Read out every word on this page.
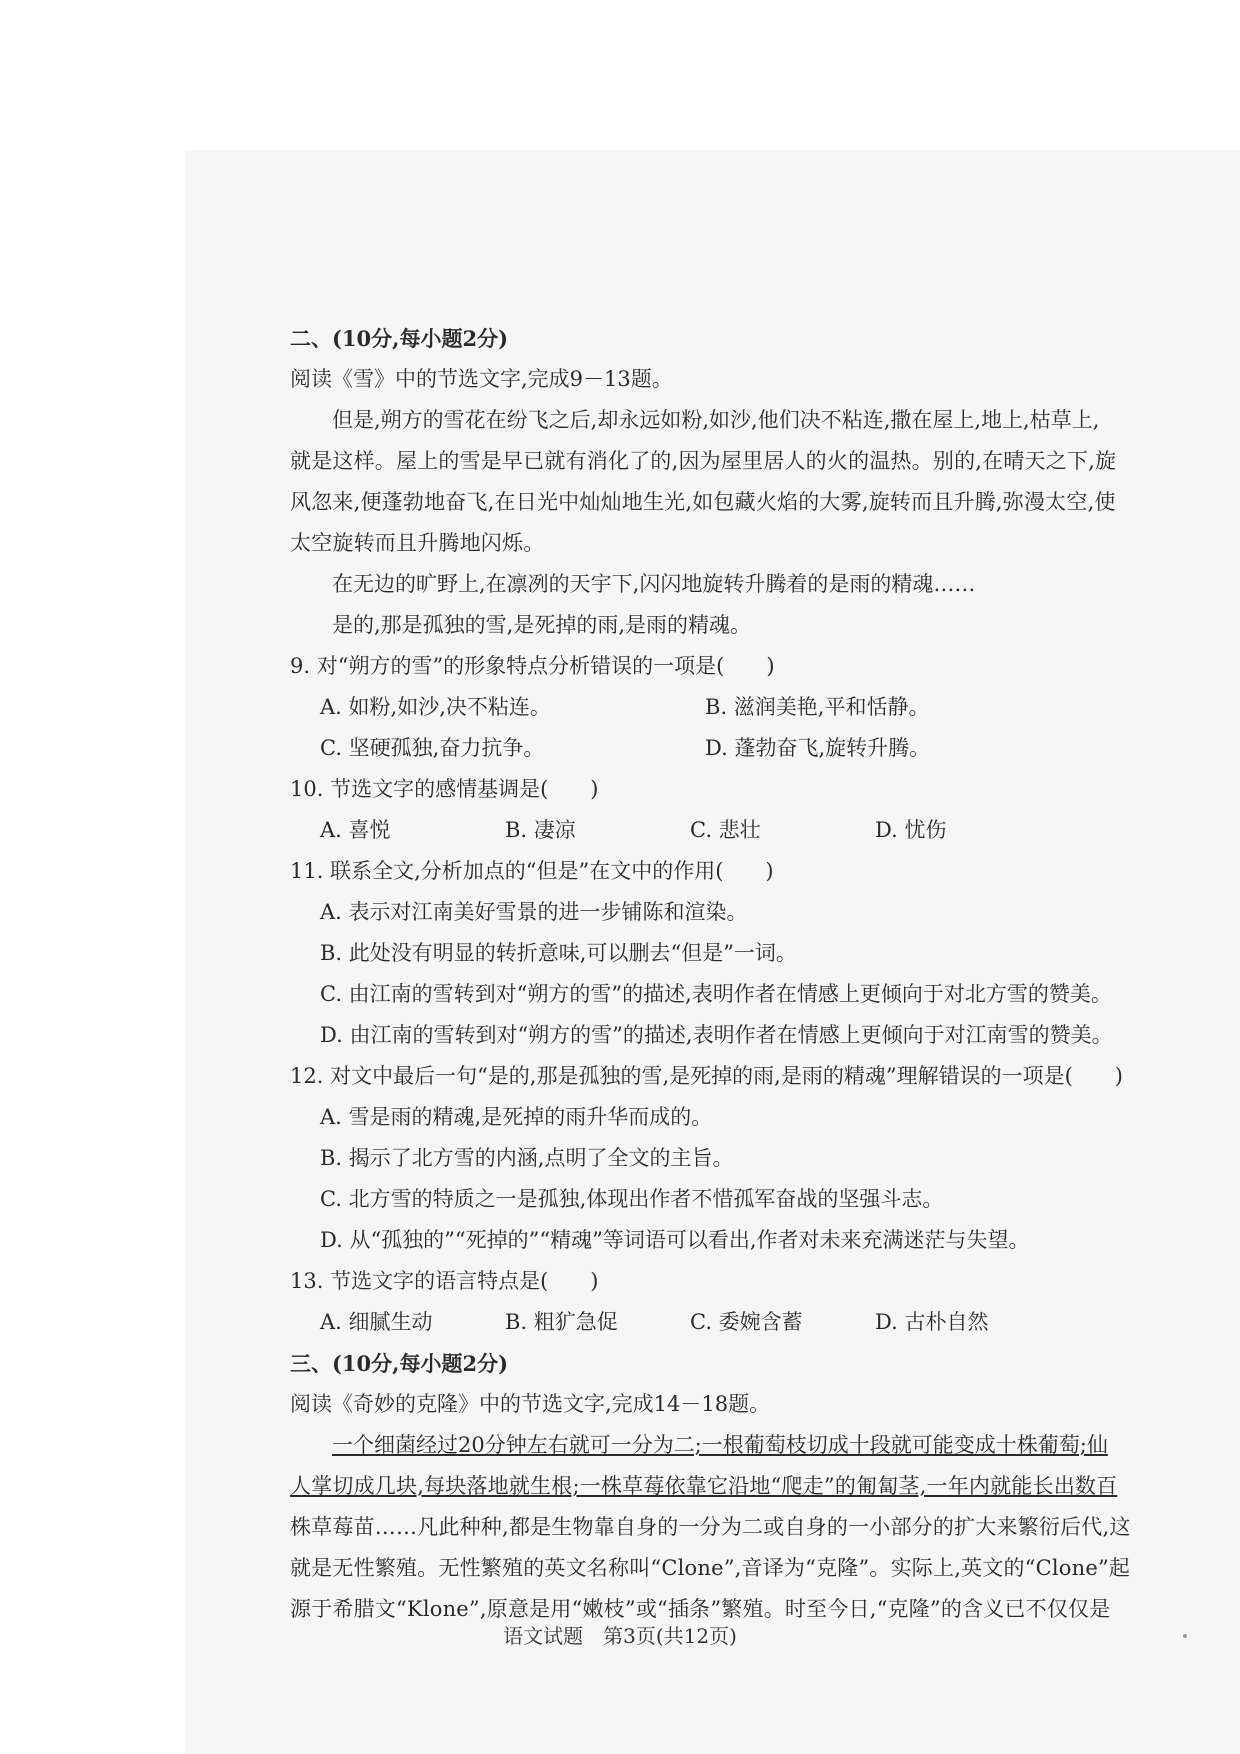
二、(10分,每小题2分)
阅读《雪》中的节选文字,完成9－13题。
但是,朔方的雪花在纷飞之后,却永远如粉,如沙,他们决不粘连,撒在屋上,地上,枯草上,
就是这样。屋上的雪是早已就有消化了的,因为屋里居人的火的温热。别的,在晴天之下,旋
风忽来,便蓬勃地奋飞,在日光中灿灿地生光,如包藏火焰的大雾,旋转而且升腾,弥漫太空,使
太空旋转而且升腾地闪烁。
在无边的旷野上,在凛冽的天宇下,闪闪地旋转升腾着的是雨的精魂……
是的,那是孤独的雪,是死掉的雨,是雨的精魂。
9. 对“朔方的雪”的形象特点分析错误的一项是(　　)
A. 如粉,如沙,决不粘连。	B. 滋润美艳,平和恬静。
C. 坚硬孤独,奋力抗争。	D. 蓬勃奋飞,旋转升腾。
10. 节选文字的感情基调是(　　)
A. 喜悦	B. 凄凉	C. 悲壮	D. 忧伤
11. 联系全文,分析加点的“但是”在文中的作用(　　)
A. 表示对江南美好雪景的进一步铺陈和渲染。
B. 此处没有明显的转折意味,可以删去“但是”一词。
C. 由江南的雪转到对“朔方的雪”的描述,表明作者在情感上更倾向于对北方雪的赞美。
D. 由江南的雪转到对“朔方的雪”的描述,表明作者在情感上更倾向于对江南雪的赞美。
12. 对文中最后一句“是的,那是孤独的雪,是死掉的雨,是雨的精魂”理解错误的一项是(　　)
A. 雪是雨的精魂,是死掉的雨升华而成的。
B. 揭示了北方雪的内涵,点明了全文的主旨。
C. 北方雪的特质之一是孤独,体现出作者不惜孤军奋战的坚强斗志。
D. 从“孤独的”“死掉的”“精魂”等词语可以看出,作者对未来充满迷茫与失望。
13. 节选文字的语言特点是(　　)
A. 细腻生动	B. 粗犷急促	C. 委婉含蓄	D. 古朴自然
三、(10分,每小题2分)
阅读《奇妙的克隆》中的节选文字,完成14－18题。
一个细菌经过20分钟左右就可一分为二;一根葡萄枝切成十段就可能变成十株葡萄;仙
人掌切成几块,每块落地就生根;一株草莓依靠它沿地“爬走”的匍匐茎,一年内就能长出数百
株草莓苗……凡此种种,都是生物靠自身的一分为二或自身的一小部分的扩大来繁衍后代,这
就是无性繁殖。无性繁殖的英文名称叫“Clone”,音译为“克隆”。实际上,英文的“Clone”起
源于希腊文“Klone”,原意是用“嫩枝”或“插条”繁殖。时至今日,“克隆”的含义已不仅仅是
语文试题　第3页(共12页)
